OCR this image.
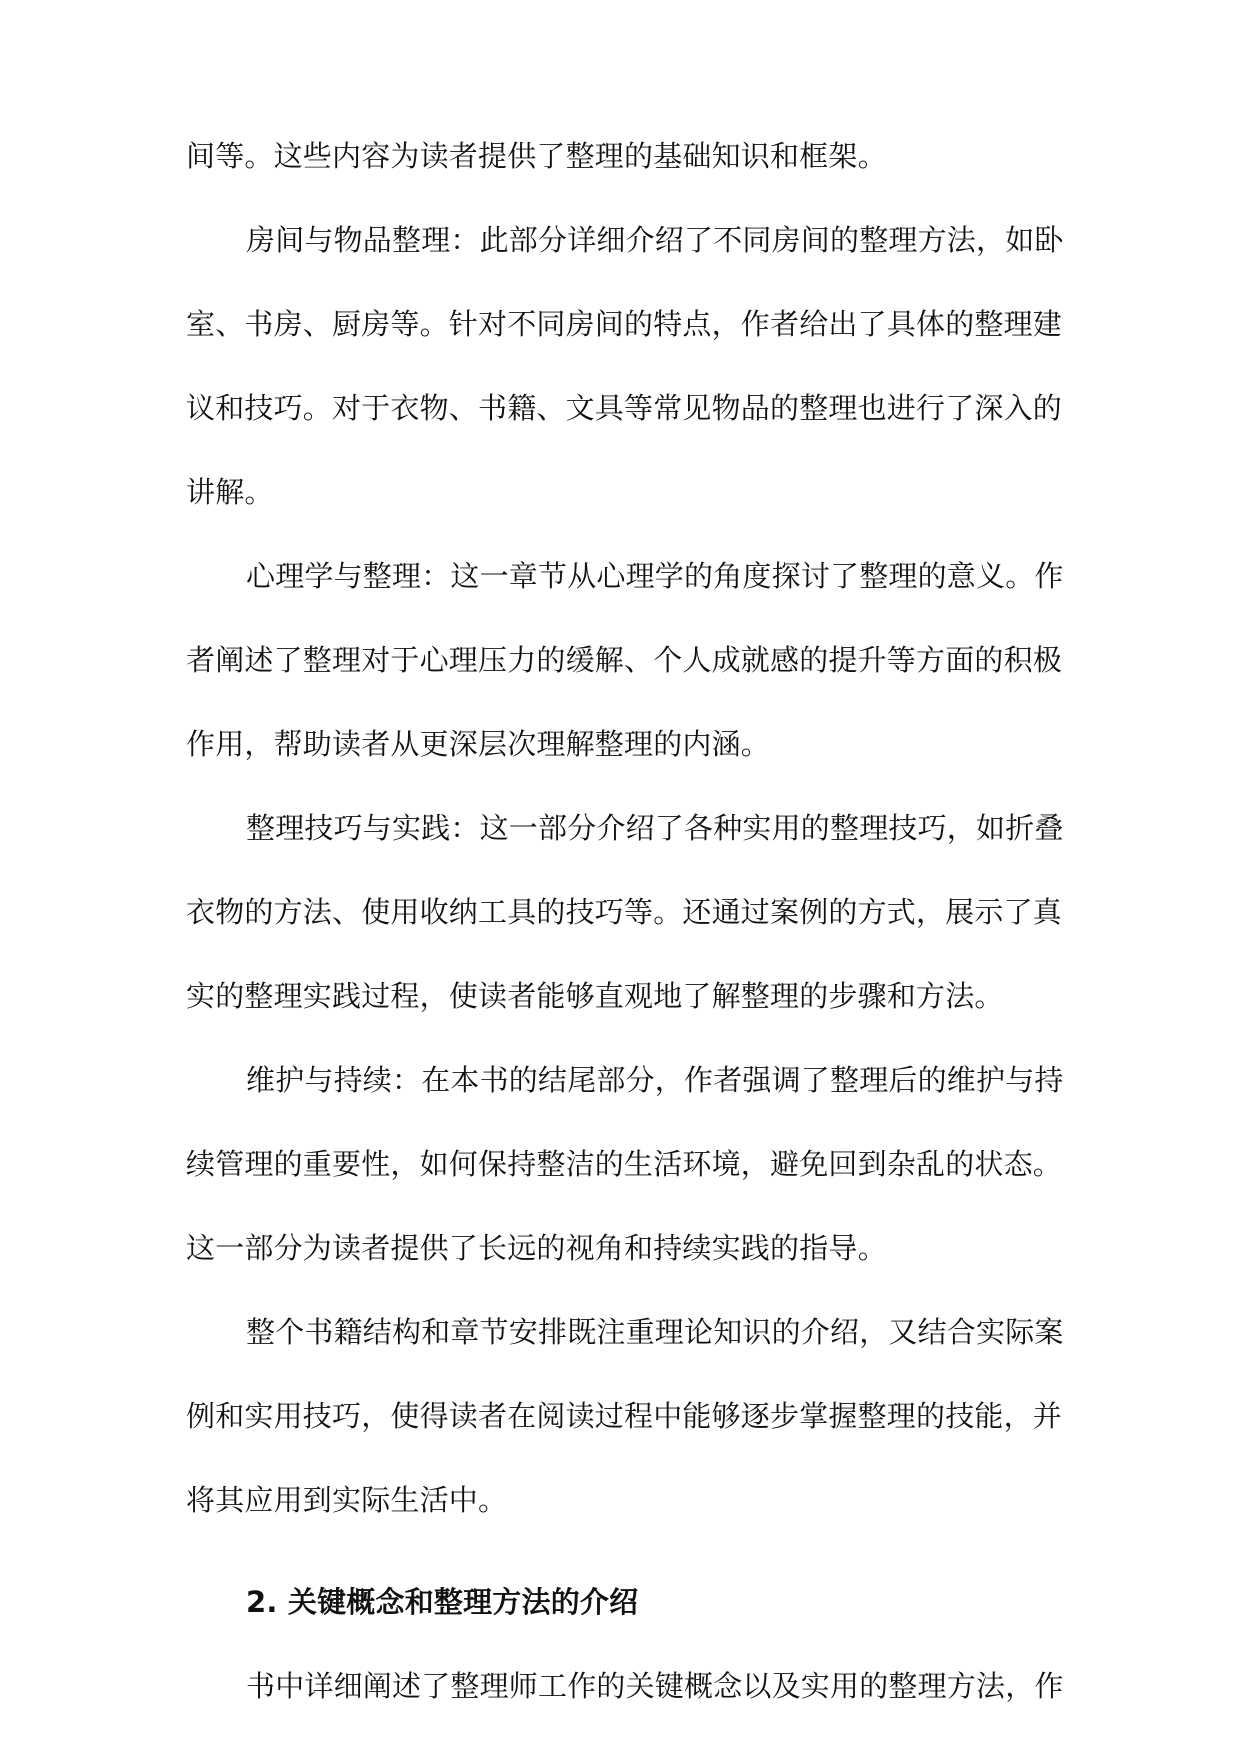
间等。这些内容为读者提供了整理的基础知识和框架。
房间与物品整理：此部分详细介绍了不同房间的整理方法，如卧
室、书房、厨房等。针对不同房间的特点，作者给出了具体的整理建
议和技巧。对于衣物、书籍、文具等常见物品的整理也进行了深入的
讲解。
心理学与整理：这一章节从心理学的角度探讨了整理的意义。作
者阐述了整理对于心理压力的缓解、个人成就感的提升等方面的积极
作用，帮助读者从更深层次理解整理的内涵。
整理技巧与实践：这一部分介绍了各种实用的整理技巧，如折叠
衣物的方法、使用收纳工具的技巧等。还通过案例的方式，展示了真
实的整理实践过程，使读者能够直观地了解整理的步骤和方法。
维护与持续：在本书的结尾部分，作者强调了整理后的维护与持
续管理的重要性，如何保持整洁的生活环境，避免回到杂乱的状态。
这一部分为读者提供了长远的视角和持续实践的指导。
整个书籍结构和章节安排既注重理论知识的介绍，又结合实际案
例和实用技巧，使得读者在阅读过程中能够逐步掌握整理的技能，并
将其应用到实际生活中。
2. 关键概念和整理方法的介绍
书中详细阐述了整理师工作的关键概念以及实用的整理方法，作
